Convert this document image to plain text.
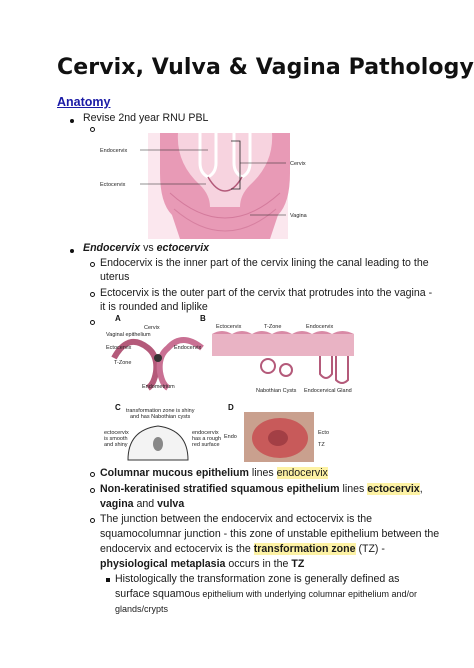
Cervix, Vulva & Vagina Pathology
Anatomy
Revise 2nd year RNU PBL
Endocervix
Ectocervix
Cervix
Vagina
Endocervix vs ectocervix
Endocervix is the inner part of the cervix lining the canal leading to the
uterus
Ectocervix is the outer part of the cervix that protrudes into the vagina -
it is rounded and liplike
A
Cervix
Vaginal epithelium
Ectocervix	Endocervix
T-Zone
Endometrium
B
Ectocervix	T-Zone	Endocervix
Nabothian Cysts Endocervical Gland
C transformation zone is shiny
and has Nabothian cysts
ectocervix
is smooth
and shiny
endocervix
has a rough
red surface
D
Endo
Ecto
TZ
Columnar mucous epithelium lines endocervix
Non-keratinised stratified squamous epithelium lines ectocervix,
vagina and vulva
The junction between the endocervix and ectocervix is the
squamocolumnar junction - this zone of unstable epithelium between the
endocervix and ectocervix is the transformation zone (TZ) -
physiological metaplasia occurs in the TZ
Histologically the transformation zone is generally defined as
surface squamous epithelium with underlying columnar epithelium and/or
glands/crypts
